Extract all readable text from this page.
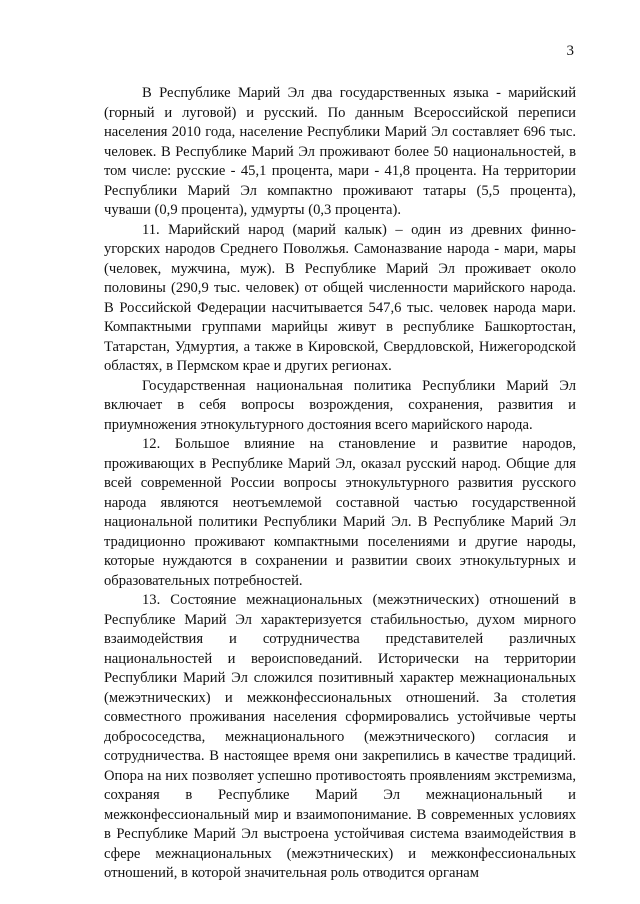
3

В Республике Марий Эл два государственных языка - марийский (горный и луговой) и русский. По данным Всероссийской переписи населения 2010 года, население Республики Марий Эл составляет 696 тыс. человек. В Республике Марий Эл проживают более 50 национальностей, в том числе: русские - 45,1 процента, мари - 41,8 процента. На территории Республики Марий Эл компактно проживают татары (5,5 процента), чуваши (0,9 процента), удмурты (0,3 процента).

11. Марийский народ (марий калык) – один из древних финно-угорских народов Среднего Поволжья. Самоназвание народа - мари, мары (человек, мужчина, муж). В Республике Марий Эл проживает около половины (290,9 тыс. человек) от общей численности марийского народа. В Российской Федерации насчитывается 547,6 тыс. человек народа мари. Компактными группами марийцы живут в республике Башкортостан, Татарстан, Удмуртия, а также в Кировской, Свердловской, Нижегородской областях, в Пермском крае и других регионах.

Государственная национальная политика Республики Марий Эл включает в себя вопросы возрождения, сохранения, развития и приумножения этнокультурного достояния всего марийского народа.

12. Большое влияние на становление и развитие народов, проживающих в Республике Марий Эл, оказал русский народ. Общие для всей современной России вопросы этнокультурного развития русского народа являются неотъемлемой составной частью государственной национальной политики Республики Марий Эл. В Республике Марий Эл традиционно проживают компактными поселениями и другие народы, которые нуждаются в сохранении и развитии своих этнокультурных и образовательных потребностей.

13. Состояние межнациональных (межэтнических) отношений в Республике Марий Эл характеризуется стабильностью, духом мирного взаимодействия и сотрудничества представителей различных национальностей и вероисповеданий. Исторически на территории Республики Марий Эл сложился позитивный характер межнациональных (межэтнических) и межконфессиональных отношений. За столетия совместного проживания населения сформировались устойчивые черты добрососедства, межнационального (межэтнического) согласия и сотрудничества. В настоящее время они закрепились в качестве традиций. Опора на них позволяет успешно противостоять проявлениям экстремизма, сохраняя в Республике Марий Эл межнациональный и межконфессиональный мир и взаимопонимание. В современных условиях в Республике Марий Эл выстроена устойчивая система взаимодействия в сфере межнациональных (межэтнических) и межконфессиональных отношений, в которой значительная роль отводится органам
